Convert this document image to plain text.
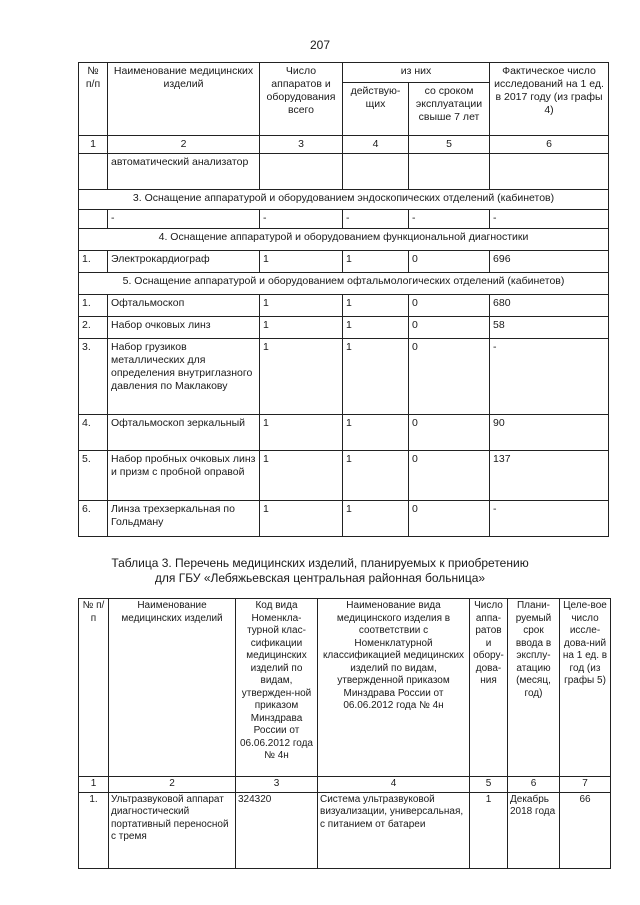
207
№ п/п	Наименование медицинских изделий	Число аппаратов и оборудования всего	из них		Фактическое число исследований на 1 ед. в 2017 году (из графы 4)
			действую-щих	со сроком эксплуатации свыше 7 лет	
1	2	3	4	5	6
	автоматический анализатор				
3. Оснащение аппаратурой и оборудованием эндоскопических отделений (кабинетов)					
	-	-	-	-	-
4. Оснащение аппаратурой и оборудованием функциональной диагностики					
1.	Электрокардиограф	1	1	0	696
5. Оснащение аппаратурой и оборудованием офтальмологических отделений (кабинетов)					
1.	Офтальмоскоп	1	1	0	680
2.	Набор очковых линз	1	1	0	58
3.	Набор грузиков металлических для определения внутриглазного давления по Маклакову	1	1	0	-
4.	Офтальмоскоп зеркальный	1	1	0	90
5.	Набор пробных очковых линз и призм с пробной оправой	1	1	0	137
6.	Линза трехзеркальная по Гольдману	1	1	0	-
Таблица 3. Перечень медицинских изделий, планируемых к приобретению
для ГБУ «Лебяжьевская центральная районная больница»
№ п/п	Наименование медицинских изделий	Код вида Номенкла-турной клас-сификации медицинских изделий по видам, утвержден-ной приказом Минздрава России от 06.06.2012 года № 4н	Наименование вида медицинского изделия в соответствии с Номенклатурной классификацией медицинских изделий по видам, утвержденной приказом Минздрава России от 06.06.2012 года № 4н	Число аппа-ратов и обору-дова-ния	Плани-руемый срок ввода в эксплу-атацию (месяц, год)	Целе-вое число иссле-дова-ний на 1 ед. в год (из графы 5)
1	2	3	4	5	6	7
1.	Ультразвуковой аппарат диагностический портативный переносной с тремя	324320	Система ультразвуковой визуализации, универсальная, с питанием от батареи	1	Декабрь 2018 года	66
